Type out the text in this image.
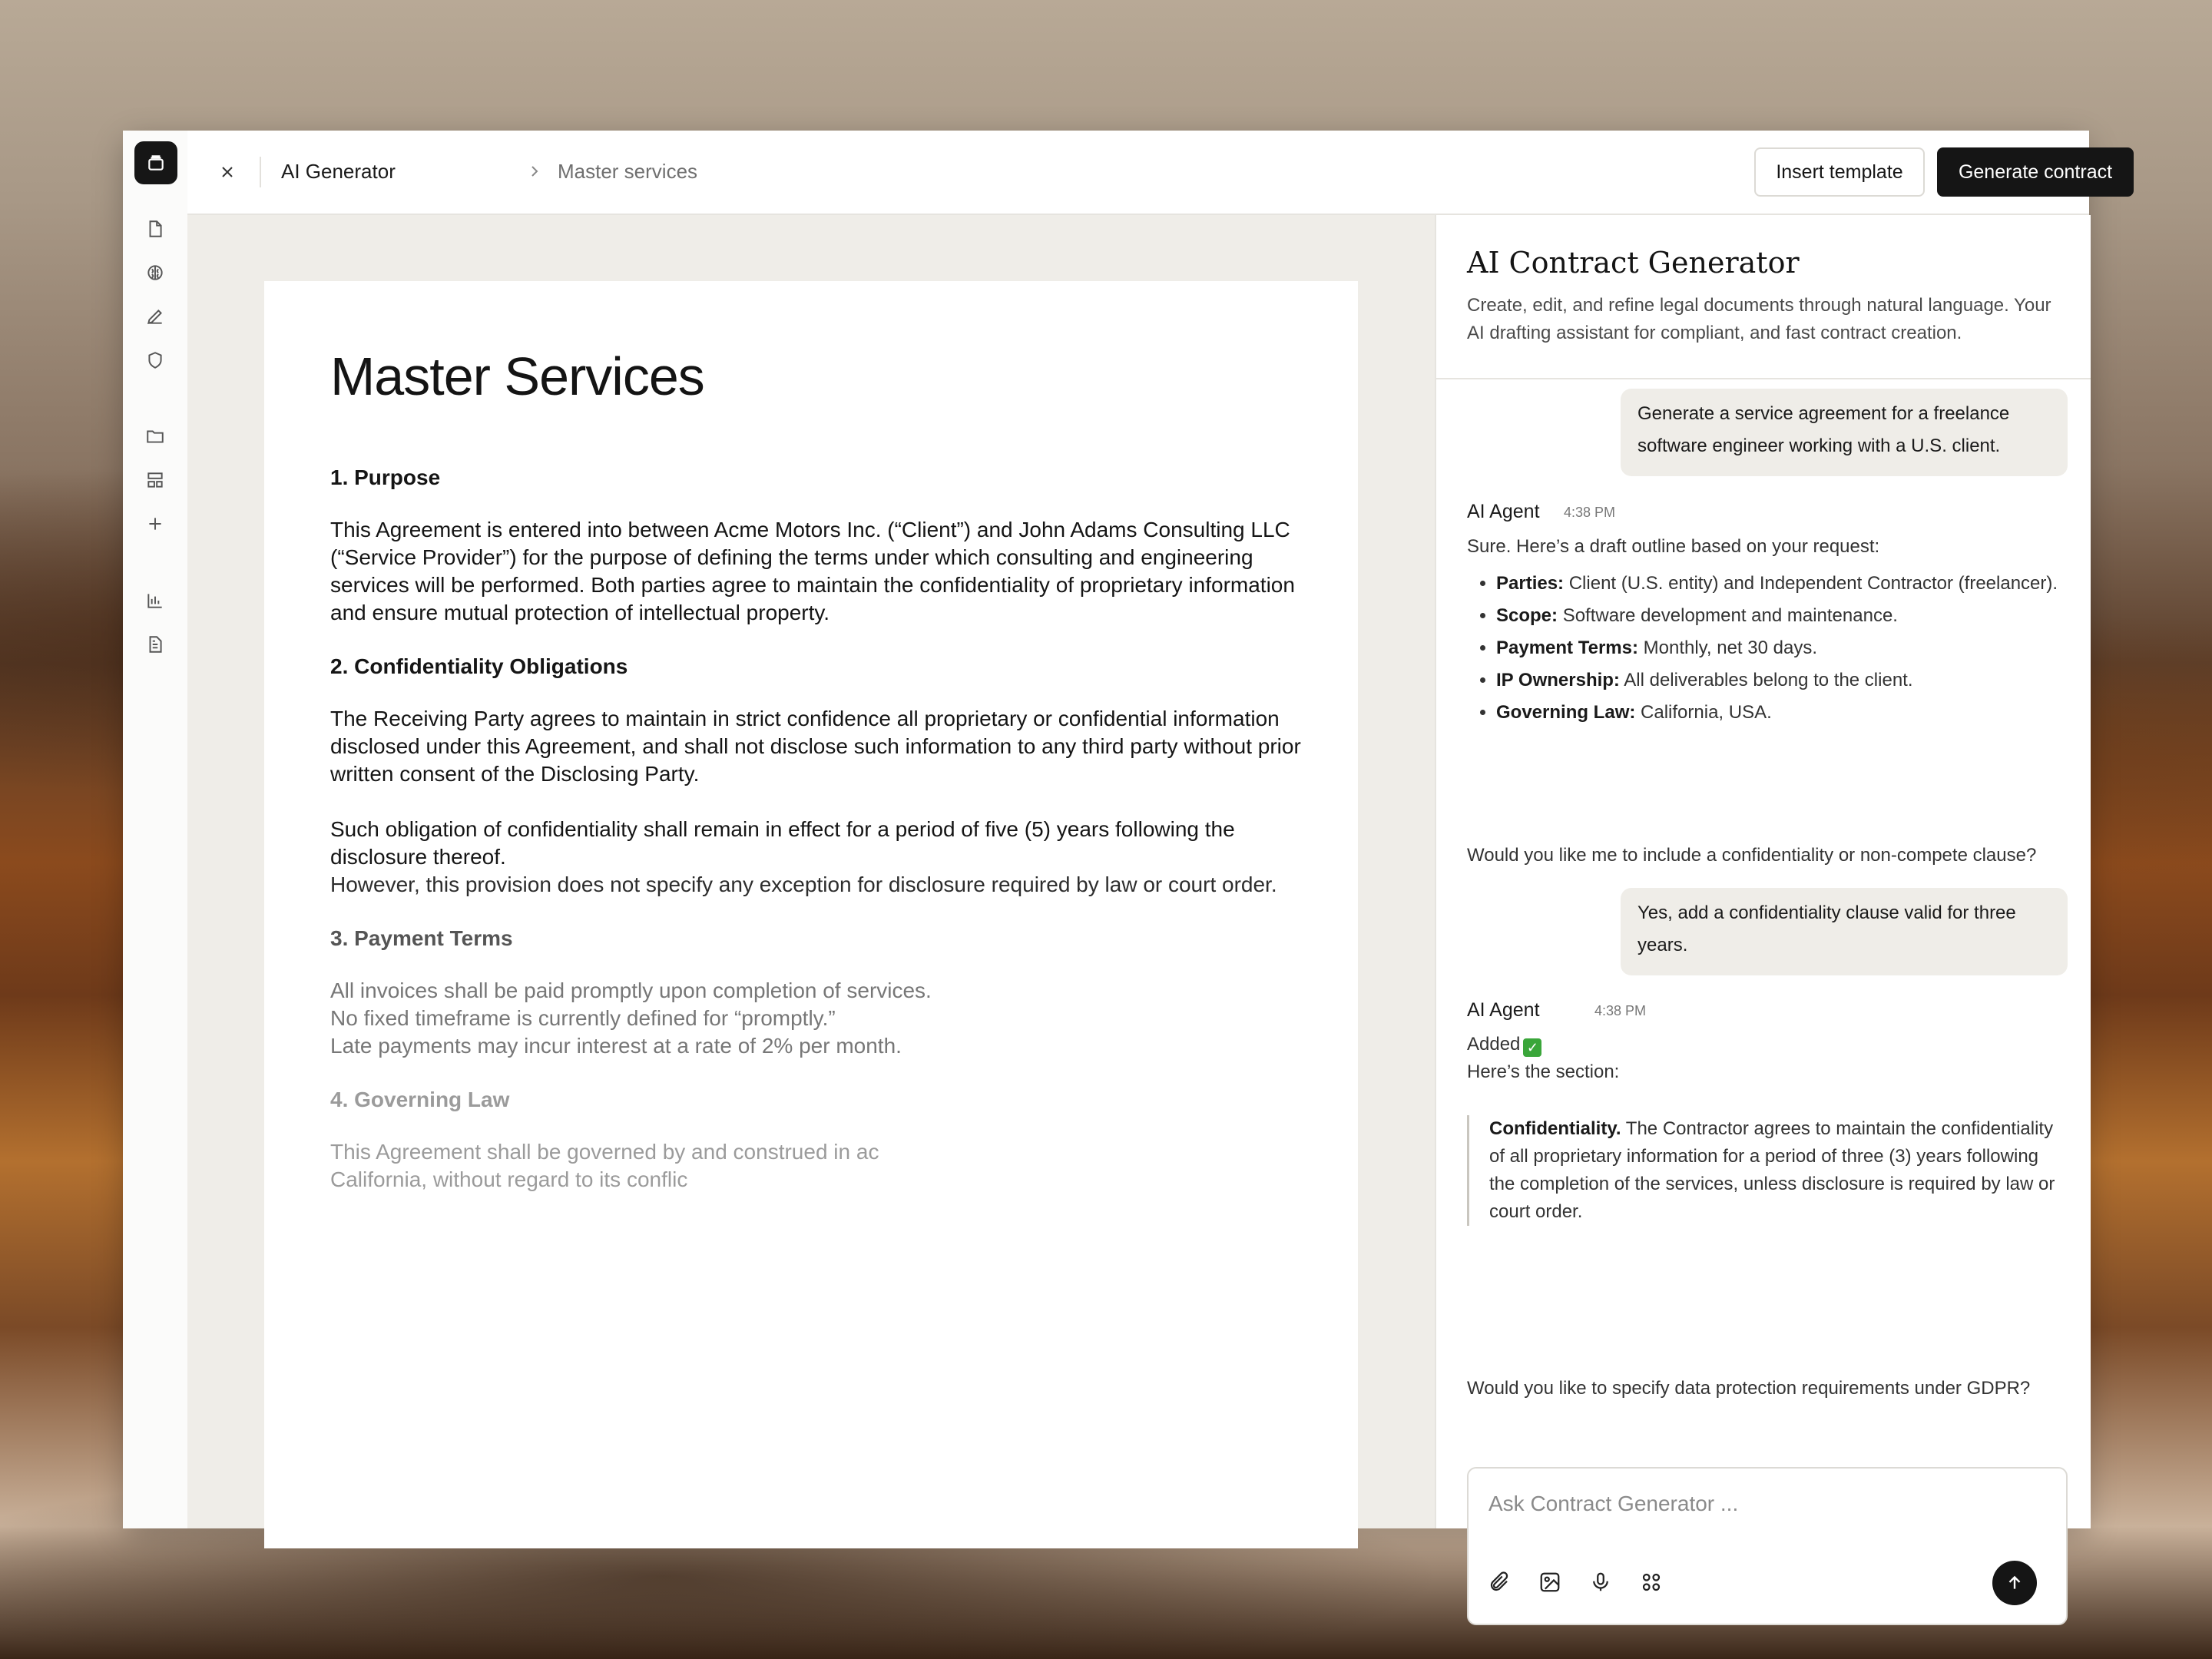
AI Generator	Master services	Insert template	Generate contract
Master Services
1. Purpose

This Agreement is entered into between Acme Motors Inc. (“Client”) and John Adams Consulting LLC (“Service Provider”) for the purpose of defining the terms under which consulting and engineering services will be performed. Both parties agree to maintain the confidentiality of proprietary information and ensure mutual protection of intellectual property.

2. Confidentiality Obligations

The Receiving Party agrees to maintain in strict confidence all proprietary or confidential information disclosed under this Agreement, and shall not disclose such information to any third party without prior written consent of the Disclosing Party.

Such obligation of confidentiality shall remain in effect for a period of five (5) years following the disclosure thereof.

However, this provision does not specify any exception for disclosure required by law or court order.

3. Payment Terms

All invoices shall be paid promptly upon completion of services.

No fixed timeframe is currently defined for “promptly.”

Late payments may incur interest at a rate of 2% per month.

4. Governing Law

This Agreement shall be governed by and construed in ac

California, without regard to its conflic

AI Contract Generator
Create, edit, and refine legal documents through natural language. Your AI drafting assistant for compliant, and fast contract creation.
Generate a service agreement for a freelance software engineer working with a U.S. client.
AI Agent 4:38 PM
Sure. Here’s a draft outline based on your request:
• Parties: Client (U.S. entity) and Independent Contractor (freelancer).
• Scope: Software development and maintenance.
• Payment Terms: Monthly, net 30 days.
• IP Ownership: All deliverables belong to the client.
• Governing Law: California, USA.
Would you like me to include a confidentiality or non-compete clause?
Yes, add a confidentiality clause valid for three years.
AI Agent	4:38 PM
Added ✓
Here’s the section:
Confidentiality. The Contractor agrees to maintain the confidentiality of all proprietary information for a period of three (3) years following the completion of the services, unless disclosure is required by law or court order.
Would you like to specify data protection requirements under GDPR?
Ask Contract Generator ...
